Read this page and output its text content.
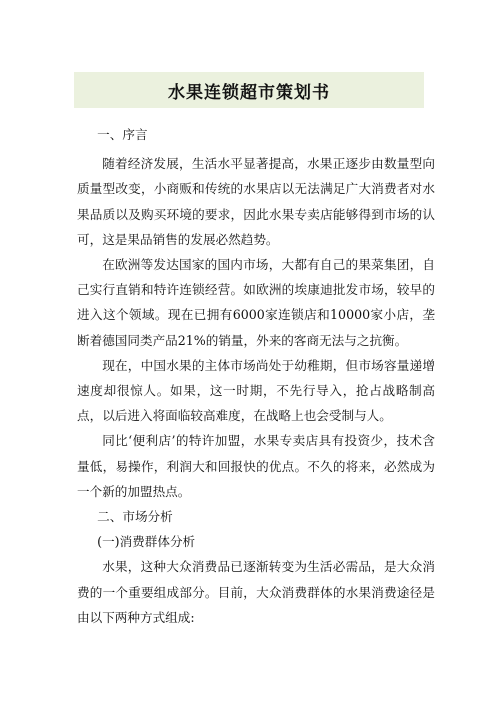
水果连锁超市策划书

一、序言

随着经济发展，生活水平显著提高，水果正逐步由数量型向质量型改变，小商贩和传统的水果店以无法满足广大消费者对水果品质以及购买环境的要求，因此水果专卖店能够得到市场的认可，这是果品销售的发展必然趋势。

在欧洲等发达国家的国内市场，大都有自己的果菜集团，自己实行直销和特许连锁经营。如欧洲的埃康迪批发市场，较早的进入这个领域。现在已拥有6000家连锁店和10000家小店，垄断着德国同类产品21%的销量，外来的客商无法与之抗衡。

现在，中国水果的主体市场尚处于幼稚期，但市场容量递增速度却很惊人。如果，这一时期，不先行导入，抢占战略制高点，以后进入将面临较高难度，在战略上也会受制与人。

同比‘便利店’的特许加盟，水果专卖店具有投资少，技术含量低，易操作，利润大和回报快的优点。不久的将来，必然成为一个新的加盟热点。

二、市场分析

(一)消费群体分析

水果，这种大众消费品已逐渐转变为生活必需品，是大众消费的一个重要组成部分。目前，大众消费群体的水果消费途径是由以下两种方式组成:
